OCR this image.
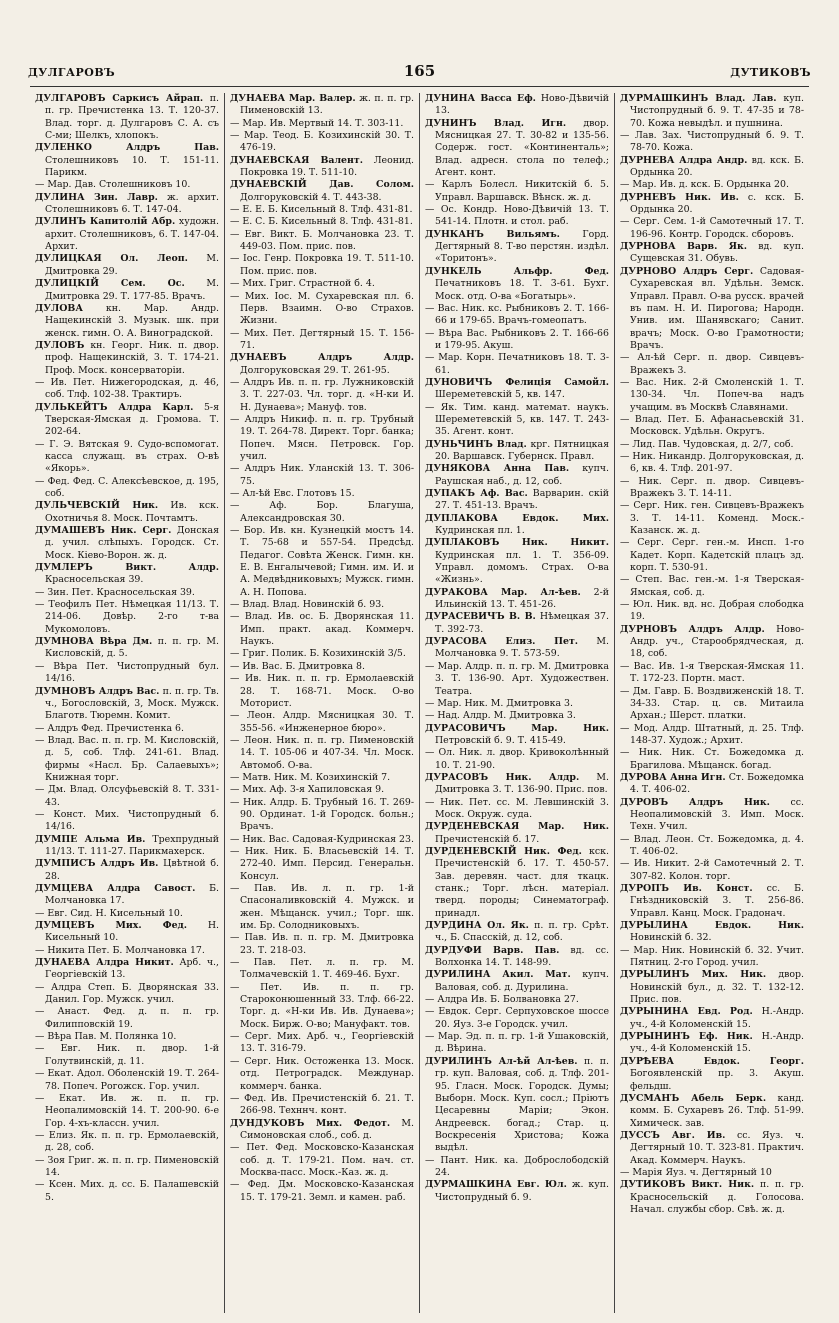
ДУЛГАРОВЪ	165	ДУТИКОВЪ

ДУЛГАРОВЪ Саркисъ Айрап. п. п. гр. Пречистенка 13. Т. 120-37. Влад. торг. д. Дулгаровъ С. А. съ С-ми; Шелкъ, хлопокъ.

ДУЛЕНКО Алдръ Пав. Столешниковъ 10. Т. 151-11. Парикм.

— Мар. Дав. Столешниковъ 10.

ДУЛИНА Зин. Лавр. ж. архит. Столешниковъ 6. Т. 147-04.

ДУЛИНЪ Капитолій Абр. художн. архит. Столешниковъ, 6. Т. 147-04. Архит.

ДУЛИЦКАЯ Ол. Леоп. М. Дмитровка 29.

ДУЛИЦКІЙ Сем. Ос. М. Дмитровка 29. Т. 177-85. Врачъ.

ДУЛОВА кн. Мар. Андр. Нащекинскій 3. Музык. шк. при женск. гимн. О. А. Виноградской.

ДУЛОВЪ кн. Георг. Ник. п. двор. проф. Нащекинскій, 3. Т. 174-21. Проф. Моск. консерваторіи.

— Ив. Пет. Нижегородская, д. 46, соб. Тлф. 102-38. Трактиръ.

ДУЛЬКЕЙТЪ Алдра Карл. 5-я Тверская-Ямская д. Громова. Т. 202-64.

— Г. Э. Вятская 9. Судо-вспомогат. касса служащ. въ страх. О-вѣ «Якорь».

— Фед. Фед. С. Алексѣевское, д. 195, соб.

ДУЛЬЧЕВСКІЙ Ник. Ив. кск. Охотничья 8. Моск. Почтамтъ.

ДУМАШЕВЪ Ник. Серг. Донская д. учил. слѣпыхъ. Городск. Ст. Моск. Кіево-Ворон. ж. д.

ДУМЛЕРЪ Викт. Алдр. Красносельская 39.

— Зин. Пет. Красносельская 39.

— Теофилъ Пет. Нѣмецкая 11/13. Т. 214-06. Довѣр. 2-го т-ва Мукомоловъ.

ДУМНОВА Вѣра Дм. п. п. гр. М. Кисловскій, д. 5.

— Вѣра Пет. Чистопрудный бул. 14/16.

ДУМНОВЪ Алдръ Вас. п. п. гр. Тв. ч., Богословскій, 3, Моск. Мужск. Благотв. Тюремн. Комит.

— Алдръ Фед. Пречистенка 6.

— Влад. Вас. п. п. гр. М. Кисловскій, д. 5, соб. Тлф. 241-61. Влад. фирмы «Насл. Бр. Салаевыхъ»; Книжная торг.

— Дм. Влад. Олсуфьевскій 8. Т. 331-43.

— Конст. Мих. Чистопрудный б. 14/16.

ДУМПЕ Альма Ив. Трехпрудный 11/13. Т. 111-27. Парикмахерск.

ДУМПИСЪ Алдръ Ив. Цвѣтной б. 28.

ДУМЦЕВА Алдра Савост. Б. Молчановка 17.

— Евг. Сид. Н. Кисельный 10.

ДУМЦЕВЪ Мих. Фед. Н. Кисельный 10.

— Никита Пет. Б. Молчановка 17.

ДУНАЕВА Алдра Никит. Арб. ч., Георгіевскій 13.

— Алдра Степ. Б. Дворянская 33. Данил. Гор. Мужск. учил.

— Анаст. Фед. д. п. п. гр. Филипповскій 19.

— Вѣра Пав. М. Полянка 10.

— Евг. Ник. п. двор. 1-й Голутвинскій, д. 11.

— Екат. Адол. Оболенскій 19. Т. 264-78. Попеч. Рогожск. Гор. учил.

— Екат. Ив. ж. п. п. гр. Неопалимовскій 14. Т. 200-90. 6-е Гор. 4-хъ-классн. учил.

— Елиз. Як. п. п. гр. Ермолаевскій, д. 28, соб.

— Зоя Григ. ж. п. п. гр. Пименовскій 14.

— Ксен. Мих. д. сс. Б. Палашевскій 5.

ДУНАЕВА Мар. Валер. ж. п. п. гр. Пименовскій 13.

— Мар. Ив. Мертвый 14. Т. 303-11.

— Мар. Теод. Б. Козихинскій 30. Т. 476-19.

ДУНАЕВСКАЯ Валент. Леонид. Покровка 19. Т. 511-10.

ДУНАЕВСКІЙ Дав. Солом. Долгоруковскій 4. Т. 443-38.

— Е. Е. Б. Кисельный 8. Тлф. 431-81.

— Е. С. Б. Кисельный 8. Тлф. 431-81.

— Евг. Викт. Б. Молчановка 23. Т. 449-03. Пом. прис. пов.

— Іос. Генр. Покровка 19. Т. 511-10. Пом. прис. пов.

— Мих. Григ. Страстной б. 4.

— Мих. Іос. М. Сухаревская пл. 6. Перв. Взаимн. О-во Страхов. Жизни.

— Мих. Пет. Дегтярный 15. Т. 156-71.

ДУНАЕВЪ Алдръ Алдр. Долгоруковская 29. Т. 261-95.

— Алдръ Ив. п. п. гр. Лужниковскій 3. Т. 227-03. Чл. торг. д. «Н-ки И. Н. Дунаева»; Мануф. тов.

— Алдръ Никиф. п. п. гр. Трубный 19. Т. 264-78. Директ. Торг. банка; Попеч. Мясн. Петровск. Гор. учил.

— Алдръ Ник. Уланскій 13. Т. 306-75.

— Ал-ѣй Евс. Глотовъ 15.

— Аф. Бор. Благуша, Александровская 30.

— Бор. Ив. кн. Кузнецкій мостъ 14. Т. 75-68 и 557-54. Предсѣд. Педагог. Совѣта Женск. Гимн. кн. Е. В. Енгалычевой; Гимн. им. И. и А. Медвѣдниковыхъ; Мужск. гимн. А. Н. Попова.

— Влад. Влад. Новинскій б. 93.

— Влад. Ив. ос. Б. Дворянская 11. Имп. практ. акад. Коммерч. Наукъ.

— Григ. Полик. Б. Козихинскій 3/5.

— Ив. Вас. Б. Дмитровка 8.

— Ив. Ник. п. п. гр. Ермолаевскій 28. Т. 168-71. Моск. О-во Моторист.

— Леон. Алдр. Мясницкая 30. Т. 355-56. «Инженерное бюро».

— Леон. Ник. п. п. гр. Пименовскій 14. Т. 105-06 и 407-34. Чл. Моск. Автомоб. О-ва.

— Матв. Ник. М. Козихинскій 7.

— Мих. Аф. 3-я Хапиловская 9.

— Ник. Алдр. Б. Трубный 16. Т. 269-90. Ординат. 1-й Городск. больн.; Врачъ.

— Ник. Вас. Садовая-Кудринская 23.

— Ник. Ник. Б. Власьевскій 14. Т. 272-40. Имп. Персид. Генеральн. Консул.

— Пав. Ив. л. п. гр. 1-й Спасоналивковскій 4. Мужск. и жен. Мѣщанск. учил.; Торг. шк. им. Бр. Солодниковыхъ.

— Пав. Ив. п. п. гр. М. Дмитровка 23. Т. 218-03.

— Пав. Пет. л. п. гр. М. Толмачевскій 1. Т. 469-46. Бухг.

— Пет. Ив. п. п. гр. Староконюшенный 33. Тлф. 66-22. Торг. д. «Н-ки Ив. Ив. Дунаева»; Моск. Бирж. О-во; Мануфакт. тов.

— Серг. Мих. Арб. ч., Георгіевскій 13. Т. 316-79.

— Серг. Ник. Остоженка 13. Моск. отд. Петроградск. Междунар. коммерч. банка.

— Фед. Ив. Пречистенскій б. 21. Т. 266-98. Техннч. конт.

ДУНДУКОВЪ Мих. Федот. М. Симоновская слоб., соб. д.

— Пет. Фед. Московско-Казанская соб. д. Т. 179-21. Пом. нач. ст. Москва-пасс. Моск.-Каз. ж. д.

— Фед. Дм. Московско-Казанская 15. Т. 179-21. Земл. и камен. раб.

ДУНИНА Васса Еф. Ново-Дѣвичій 13.

ДУНИНЪ Влад. Игн. двор. Мясницкая 27. Т. 30-82 и 135-56. Содерж. гост. «Континенталь»; Влад. адресн. стола по телеф.; Агент. конт.

— Карлъ Болесл. Никитскій б. 5. Управл. Варшавск. Вѣнск. ж. д.

— Ос. Кондр. Ново-Дѣвичій 13. Т. 541-14. Плотн. и стол. раб.

ДУНКАНЪ Вильямъ. Горд. Дегтярный 8. Т-во перстян. издѣл. «Торитонъ».

ДУНКЕЛЬ Альфр. Фед. Печатниковъ 18. Т. 3-61. Бухг. Моск. отд. О-ва «Богатырь».

— Вас. Ник. кс. Рыбниковъ 2. Т. 166-66 и 179-65. Врачъ-гомеопатъ.

— Вѣра Вас. Рыбниковъ 2. Т. 166-66 и 179-95. Акуш.

— Мар. Корн. Печатниковъ 18. Т. 3-61.

ДУНОВИЧЪ Фелиція Самойл. Шереметевскій 5, кв. 147.

— Як. Тим. канд. математ. наукъ. Шереметевскій 5, кв. 147. Т. 243-35. Агент. конт.

ДУНЬЧИНЪ Влад. кpг. Пятницкая 20. Варшавск. Губернск. Правл.

ДУНЯКОВА Анна Пав. купч. Рaушская наб., д. 12, соб.

ДУПАКЪ Аф. Вас. Варварин. скій 27. Т. 451-13. Врачъ.

ДУПЛАКОВА Евдок. Мих. Кудринская пл. 1.

ДУПЛАКОВЪ Ник. Никит. Кудринская пл. 1. Т. 356-09. Управл. домомъ. Страх. О-ва «Жизнь».

ДУРАКОВА Мар. Ал-ѣев. 2-й Ильинскій 13. Т. 451-26.

ДУРАСЕВИЧЪ В. В. Нѣмецкая 37. Т. 392-73.

ДУРАСОВА Елиз. Пет. М. Молчановка 9. Т. 573-59.

— Мар. Алдр. п. п. гр. М. Дмитровка 3. Т. 136-90. Арт. Художествен. Театра.

— Мар. Ник. М. Дмитровка 3.

— Над. Алдр. М. Дмитровка 3.

ДУРАСОВИЧЪ Мар. Ник. Петровскій б. 9. Т. 415-49.

— Ол. Ник. л. двор. Кривоколѣнный 10. Т. 21-90.

ДУРАСОВЪ Ник. Алдр. М. Дмитровка 3. Т. 136-90. Прис. пов.

— Ник. Пет. сс. М. Левшинскій 3. Моск. Окруж. суда.

ДУРДЕНЕВСКАЯ Мар. Ник. Пречистенскій б. 17.

ДУРДЕНЕВСКІЙ Ник. Фед. кск. Пречистенскій б. 17. Т. 450-57. Зав. деревян. част. для ткацк. станк.; Торг. лѣсн. матеріал. тверд. породы; Синематограф. принадл.

ДУРДИНА Ол. Як. п. п. гр. Срѣт. ч., Б. Спасскій, д. 12, соб.

ДУРДУФИ Варв. Пав. вд. сс. Волхонка 14. Т. 148-99.

ДУРИЛИНА Акил. Мат. купч. Валовая, соб. д. Дурилина.

— Алдра Ив. Б. Болвановка 27.

— Евдок. Серг. Серпуховское шоссе 20. Яуз. 3-е Городск. учил.

— Мар. Эд. п. п. гр. 1-й Ушаковскій, д. Вѣрина.

ДУРИЛИНЪ Ал-ѣй Ал-ѣев. п. п. гр. куп. Валовая, соб. д. Тлф. 201-95. Гласн. Моск. Городск. Думы; Выборн. Моск. Куп. сосл.; Пріютъ Цесаревны Маріи; Экон. Андреевск. богад.; Стар. ц. Воскресенія Христова; Кожа выдѣл.

— Пант. Ник. кa. Доброслободскій 24.

ДУРМАШКИНА Евг. Юл. ж. куп. Чистопрудный б. 9.

ДУРМАШКИНЪ Влад. Лав. куп. Чистопрудный б. 9. Т. 47-35 и 78-70. Кожа невыдѣл. и пушнина.

— Лав. Зах. Чистопрудный б. 9. Т. 78-70. Кожа.

ДУРНЕВА Алдра Андр. вд. кск. Б. Ордынка 20.

— Мар. Ив. д. кск. Б. Ордынка 20.

ДУРНЕВЪ Ник. Ив. с. кск. Б. Ордынка 20.

— Серг. Сем. 1-й Самотечный 17. Т. 196-96. Контр. Городск. сборовъ.

ДУРНОВА Варв. Як. вд. куп. Сущевская 31. Обувь.

ДУРНОВО Алдръ Серг. Садовая-Сухаревская вл. Удѣльн. Земск. Управл. Правл. О-ва русск. врачей въ пам. Н. И. Пирогова; Народн. Унив. им. Шанявскаго; Санит. врачъ; Моск. О-во Грамотности; Врачъ.

— Ал-ѣй Серг. п. двор. Сивцевъ-Вражекъ 3.

— Вас. Ник. 2-й Смоленскій 1. Т. 130-34. Чл. Попеч-ва надъ учащим. въ Москвѣ Славянами.

— Влад. Пет. Б. Афанасьевскій 31. Московск. Удѣльн. Округъ.

— Лид. Пав. Чудовская, д. 2/7, соб.

— Ник. Никандр. Долгоруковская, д. 6, кв. 4. Тлф. 201-97.

— Ник. Серг. п. двор. Сивцевъ-Вражекъ 3. Т. 14-11.

— Серг. Ник. ген. Сивцевъ-Вражекъ 3. Т. 14-11. Коменд. Моск.-Казанск. ж. д.

— Серг. Серг. ген.-м. Инсп. 1-го Кадет. Корп. Кадетскій плацъ зд. корп. Т. 530-91.

— Степ. Вас. ген.-м. 1-я Тверская-Ямская, соб. д.

— Юл. Ник. вд. нс. Добрая слободка 19.

ДУРНОВЪ Алдръ Алдр. Ново-Андр. уч., Старообрядческая, д. 18, соб.

— Вас. Ив. 1-я Тверская-Ямская 11. Т. 172-23. Портн. маст.

— Дм. Гавр. Б. Воздвиженскій 18. Т. 34-33. Стар. ц. св. Митаила Архан.; Шерст. платки.

— Мод. Алдр. Штатный, д. 25. Тлф. 148-37. Худож.; Архит.

— Ник. Ник. Ст. Божедомка д. Брагилова. Мѣщанск. богад.

ДУРОВА Анна Игн. Ст. Божедомка 4. Т. 406-02.

ДУРОВЪ Алдръ Ник. сс. Неопалимовскій 3. Имп. Моск. Техн. Учил.

— Влад. Леон. Ст. Божедомка, д. 4. Т. 406-02.

— Ив. Никит. 2-й Самотечный 2. Т. 307-82. Колон. торг.

ДУРОПЪ Ив. Конст. сс. Б. Гнѣздниковскій 3. Т. 256-86. Управл. Канц. Моск. Градонач.

ДУРЫЛИНА Евдок. Ник. Новинскій б. 32.

— Мар. Ник. Новинскій б. 32. Учит. Пятниц. 2-го Город. учил.

ДУРЫЛИНЪ Мих. Ник. двор. Новинскій бул., д. 32. Т. 132-12. Прис. пов.

ДУРЫНИНА Евд. Род. Н.-Андр. уч., 4-й Коломенскій 15.

ДУРЫНИНЪ Еф. Ник. Н.-Андр. уч., 4-й Коломенскій 15.

ДУРѢЕВА Евдок. Георг. Богоявленскій пр. 3. Акуш. фельдш.

ДУСМАНЪ Абель Берк. канд. комм. Б. Сухаревъ 26. Тлф. 51-99. Химическ. зав.

ДУССЪ Авг. Ив. сс. Яуз. ч. Дегтярный 10. Т. 323-81. Практич. Акад. Коммерч. Наукъ.

— Марія Яуз. ч. Дегтярный 10

ДУТИКОВЪ Викт. Ник. п. п. гр. Красносельскій д. Голосова. Начал. службы сбор. Свѣ. ж. д.
